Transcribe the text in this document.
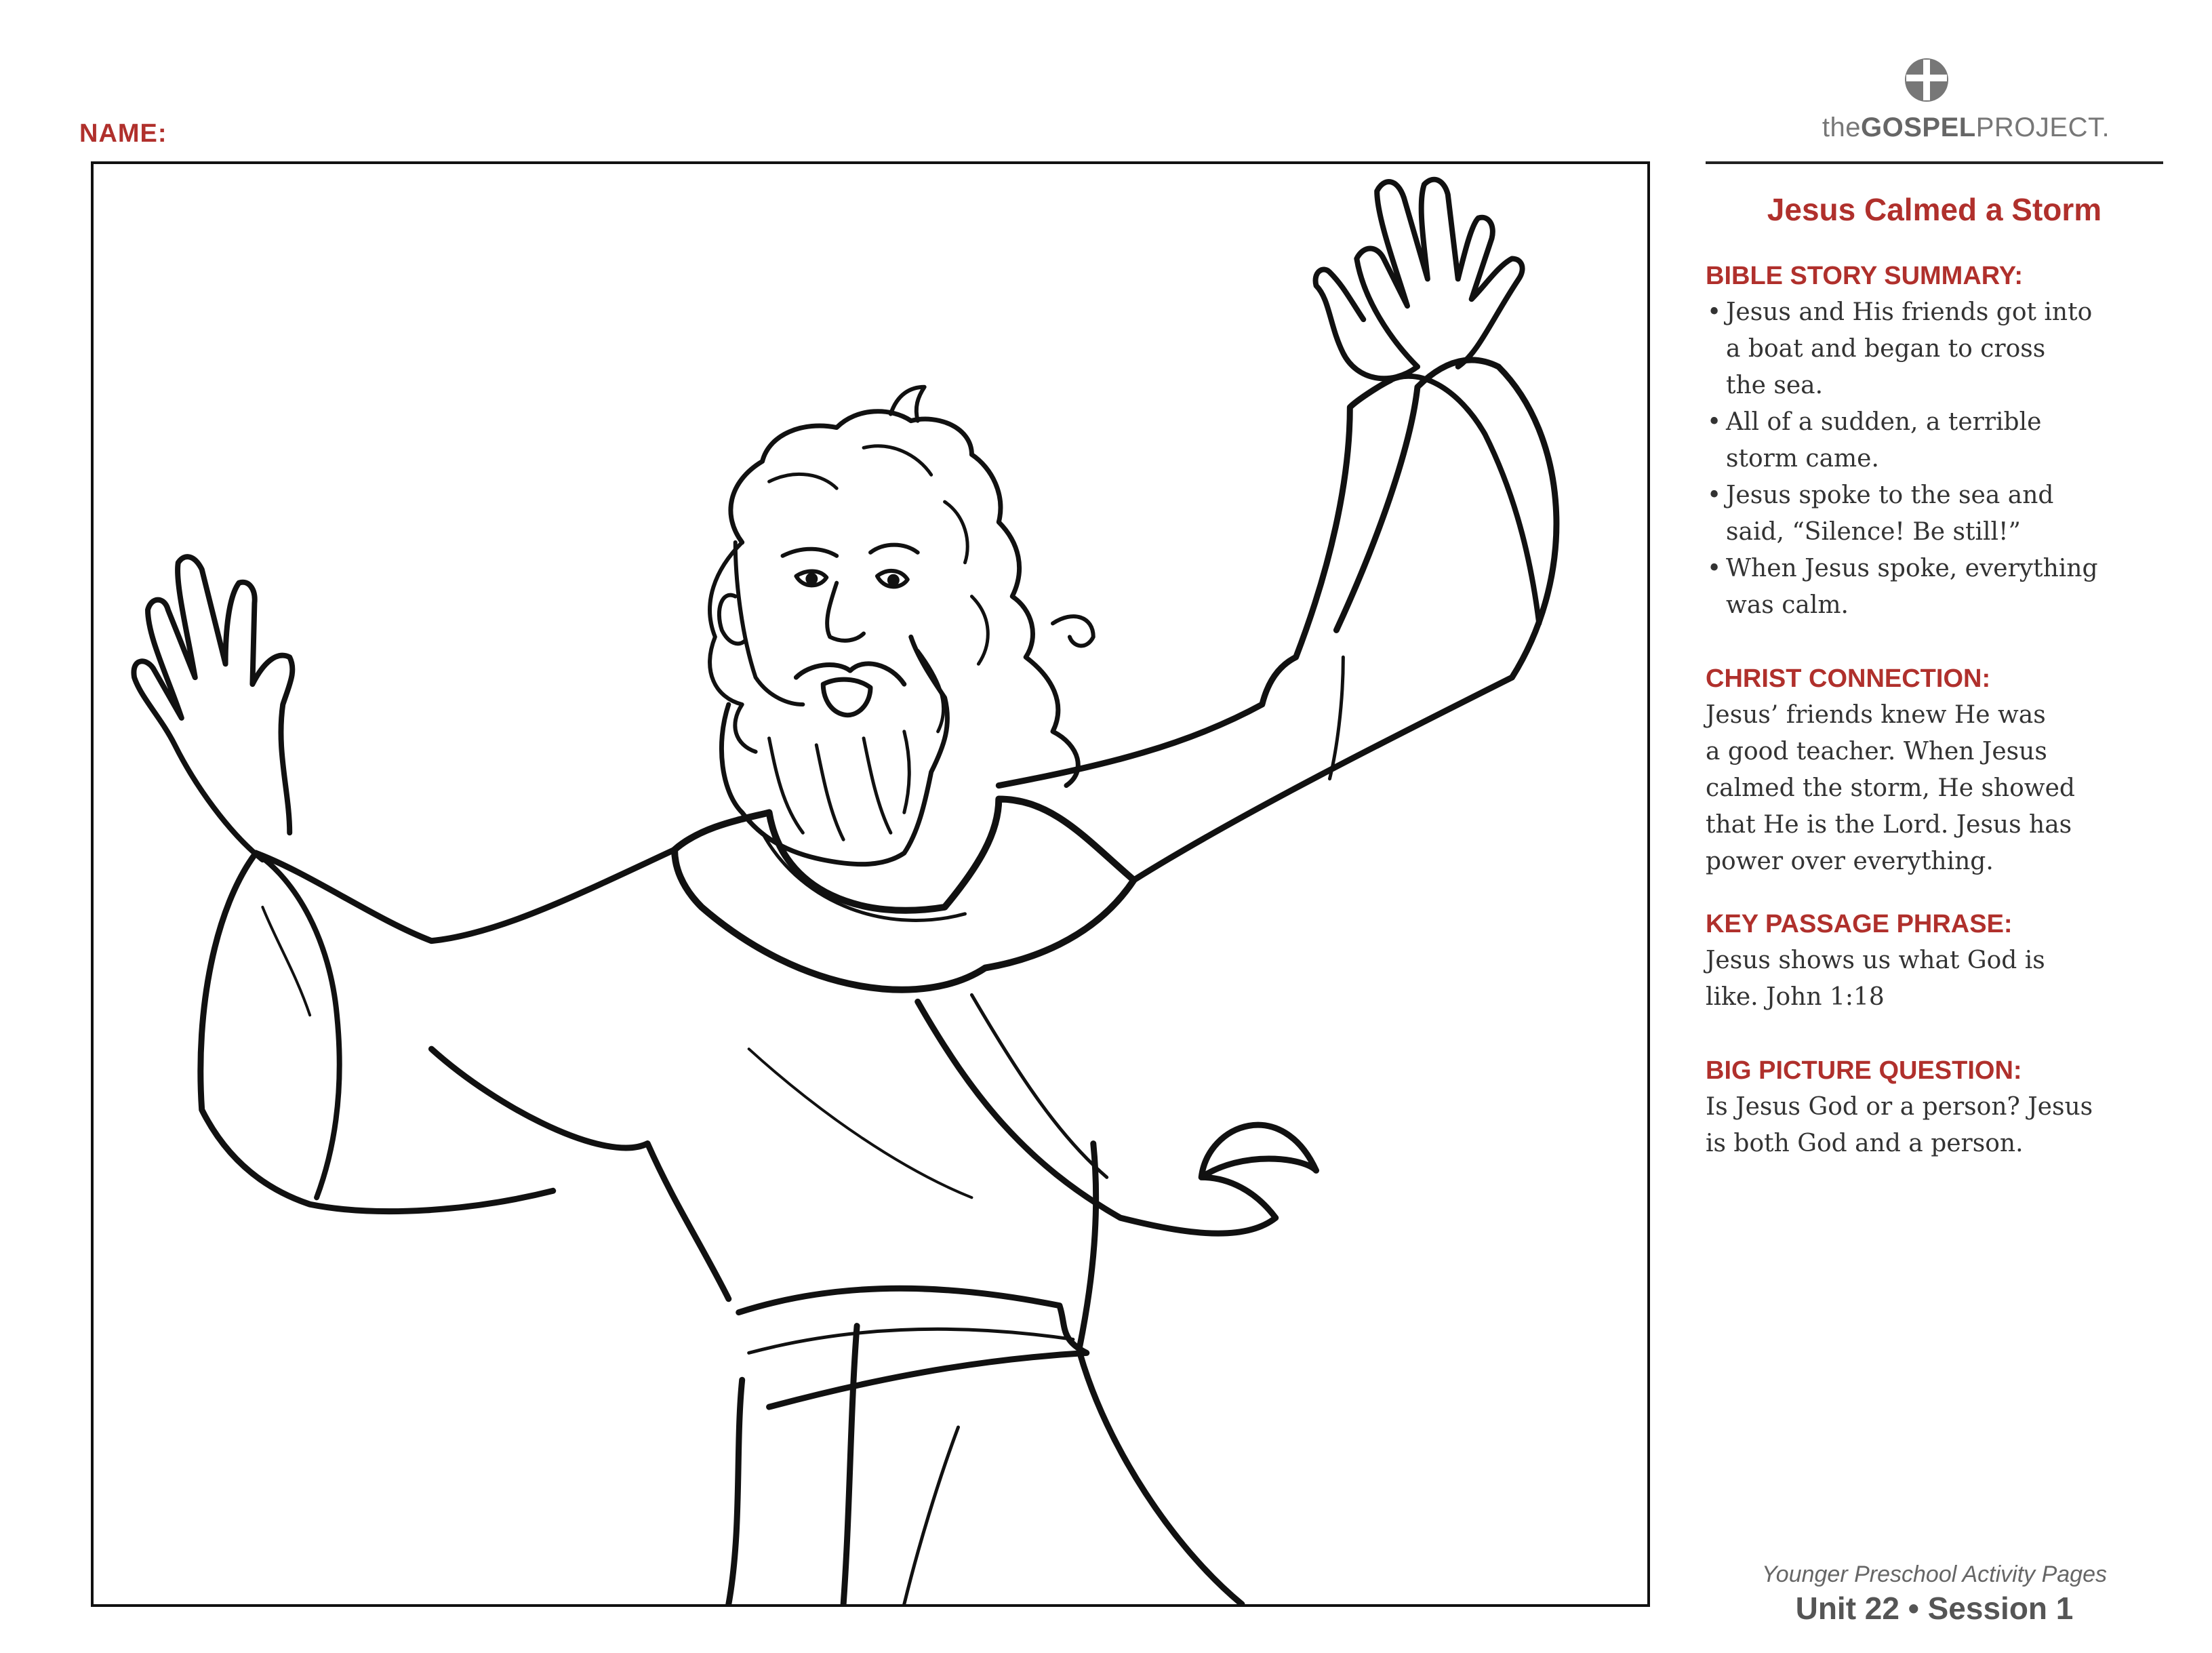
NAME:	theGOSPELPROJECT.
Jesus Calmed a Storm
BIBLE STORY SUMMARY:
• Jesus and His friends got into
a boat and began to cross
the sea.
• All of a sudden, a terrible
storm came.
• Jesus spoke to the sea and
said, “Silence! Be still!”
• When Jesus spoke, everything
was calm.
CHRIST CONNECTION:

Jesus’ friends knew He was
a good teacher. When Jesus
calmed the storm, He showed
that He is the Lord. Jesus has
power over everything.

KEY PASSAGE PHRASE:

Jesus shows us what God is
like. John 1:18

BIG PICTURE QUESTION:

Is Jesus God or a person? Jesus
is both God and a person.

Younger Preschool Activity Pages
Unit 22 • Session 1
